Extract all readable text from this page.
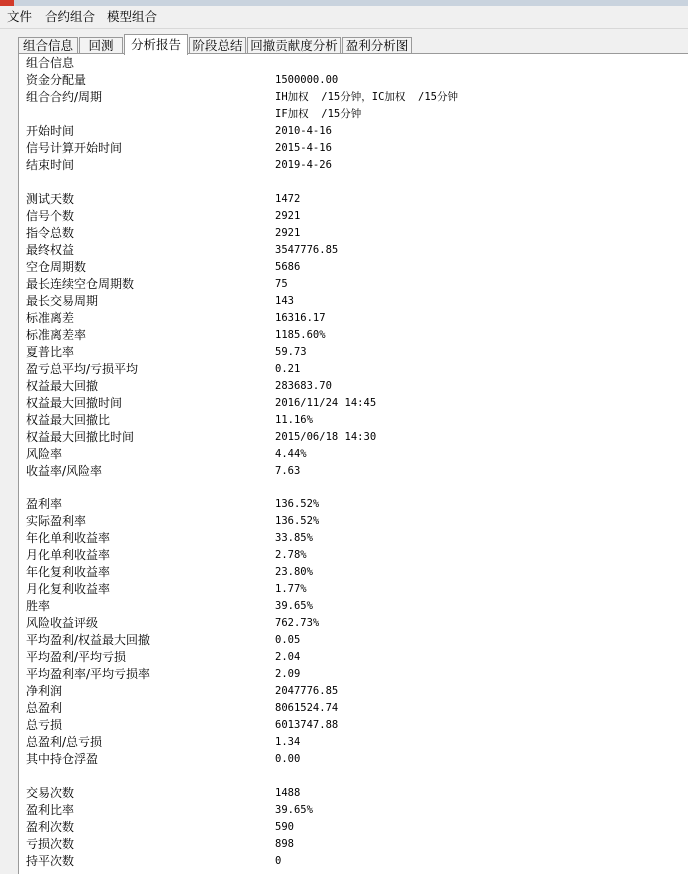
文件 合约组合 模型组合
组合信息	回测	分析报告 阶段总结 回撤贡献度分析 盈利分析图
组合信息
资金分配量	1500000.00
组合合约/周期	IH加权  /15分钟，IC加权  /15分钟
IF加权  /15分钟
开始时间	2010-4-16
信号计算开始时间	2015-4-16
结束时间	2019-4-26
测试天数	1472
信号个数	2921
指令总数	2921
最终权益	3547776.85
空仓周期数	5686
最长连续空仓周期数	75
最长交易周期	143
标准离差	16316.17
标准离差率	1185.60%
夏普比率	59.73
盈亏总平均/亏损平均	0.21
权益最大回撤	283683.70
权益最大回撤时间	2016/11/24 14:45
权益最大回撤比	11.16%
权益最大回撤比时间	2015/06/18 14:30
风险率	4.44%
收益率/风险率	7.63
盈利率	136.52%
实际盈利率	136.52%
年化单利收益率	33.85%
月化单利收益率	2.78%
年化复利收益率	23.80%
月化复利收益率	1.77%
胜率	39.65%
风险收益评级	762.73%
平均盈利/权益最大回撤	0.05
平均盈利/平均亏损	2.04
平均盈利率/平均亏损率	2.09
净利润	2047776.85
总盈利	8061524.74
总亏损	6013747.88
总盈利/总亏损	1.34
其中持仓浮盈	0.00
交易次数	1488
盈利比率	39.65%
盈利次数	590
亏损次数	898
持平次数	0
